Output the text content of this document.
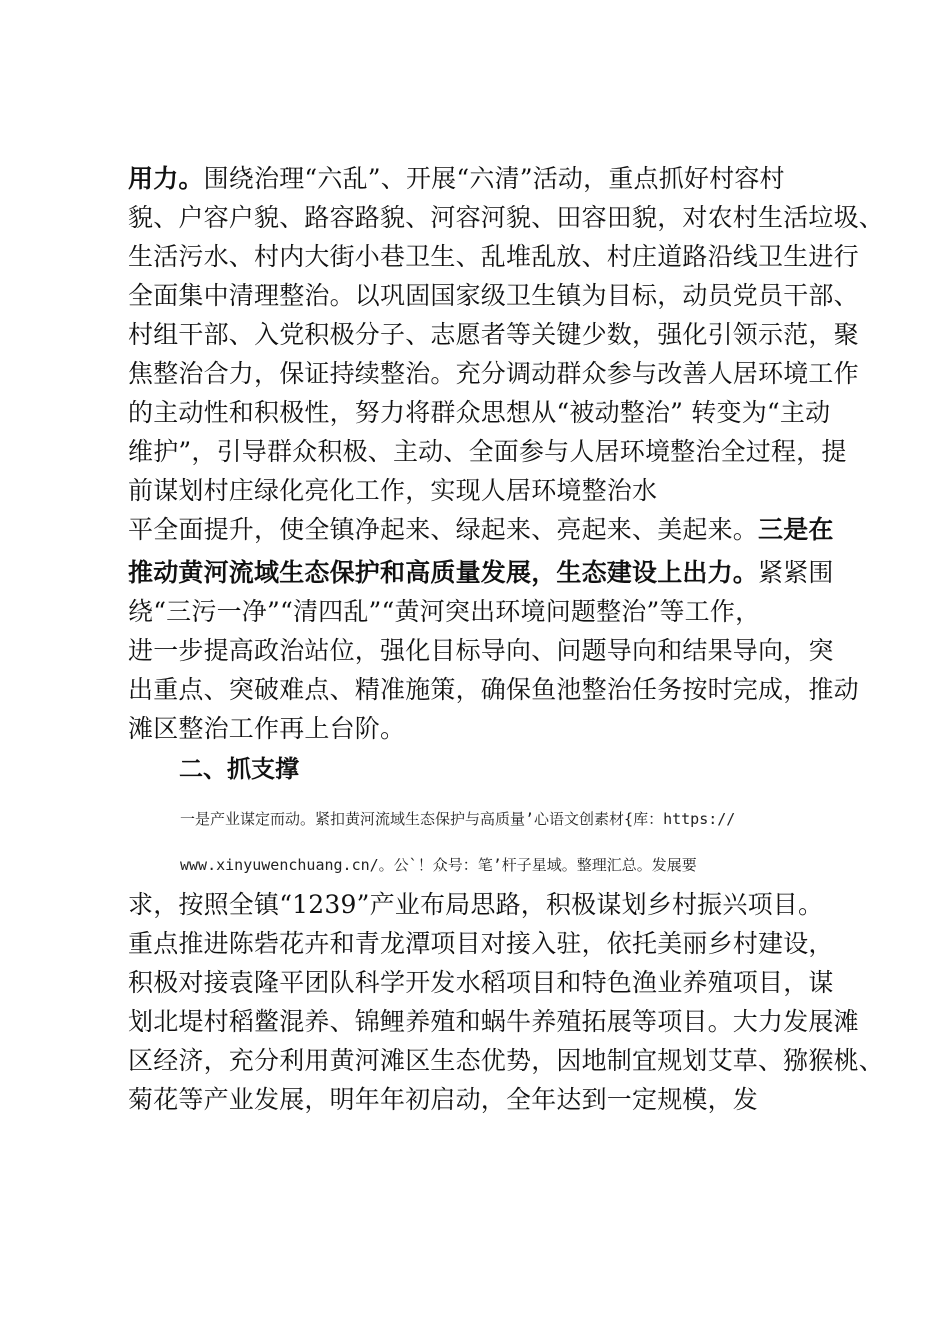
用力。围绕治理“六乱”、开展“六清”活动，重点抓好村容村
貌、户容户貌、路容路貌、河容河貌、田容田貌，对农村生活垃圾、
生活污水、村内大街小巷卫生、乱堆乱放、村庄道路沿线卫生进行
全面集中清理整治。以巩固国家级卫生镇为目标，动员党员干部、
村组干部、入党积极分子、志愿者等关键少数，强化引领示范，聚
焦整治合力，保证持续整治。充分调动群众参与改善人居环境工作
的主动性和积极性，努力将群众思想从“被动整治” 转变为“主动
维护”，引导群众积极、主动、全面参与人居环境整治全过程，提
前谋划村庄绿化亮化工作，实现人居环境整治水
平全面提升，使全镇净起来、绿起来、亮起来、美起来。三是在
推动黄河流域生态保护和高质量发展，生态建设上出力。紧紧围
绕“三污一净”“清四乱”“黄河突出环境问题整治”等工作，
进一步提高政治站位，强化目标导向、问题导向和结果导向，突
出重点、突破难点、精准施策，确保鱼池整治任务按时完成，推动
滩区整治工作再上台阶。
二、抓支撑
一是产业谋定而动。紧扣黄河流域生态保护与高质量’心语文创素材{库：https://
www.xinyuwenchuang.cn/。公`！众号：笔’杆子星域。整理汇总。发展要
求，按照全镇“1239”产业布局思路，积极谋划乡村振兴项目。
重点推进陈砦花卉和青龙潭项目对接入驻，依托美丽乡村建设，
积极对接袁隆平团队科学开发水稻项目和特色渔业养殖项目，谋
划北堤村稻鳖混养、锦鲤养殖和蜗牛养殖拓展等项目。大力发展滩
区经济，充分利用黄河滩区生态优势，因地制宜规划艾草、猕猴桃、
菊花等产业发展，明年年初启动，全年达到一定规模，发
